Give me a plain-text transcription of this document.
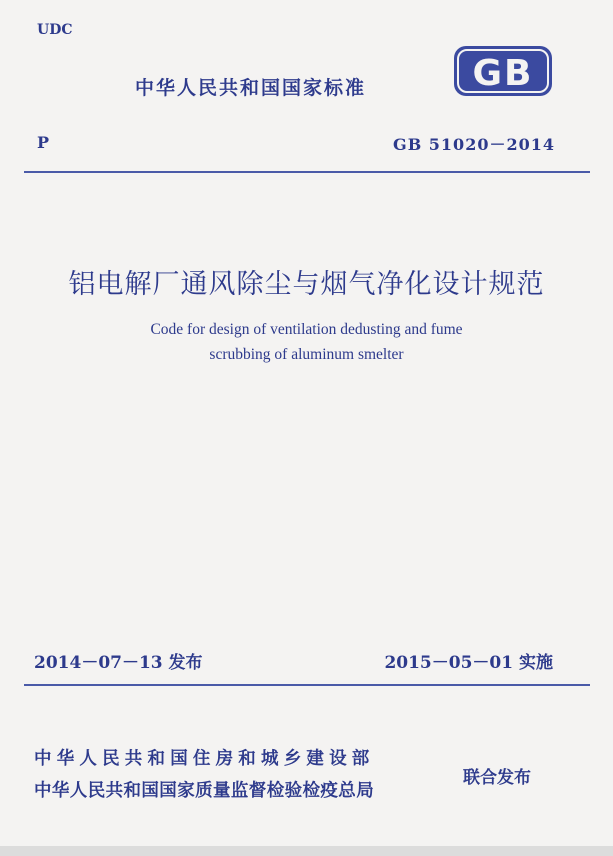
UDC
中华人民共和国国家标准	GB
P	GB 51020－2014
铝电解厂通风除尘与烟气净化设计规范
Code for design of ventilation dedusting and fume
scrubbing of aluminum smelter
2014－07－13 发布	2015－05－01 实施
中华人民共和国住房和城乡建设部
中华人民共和国国家质量监督检验检疫总局
联合发布
